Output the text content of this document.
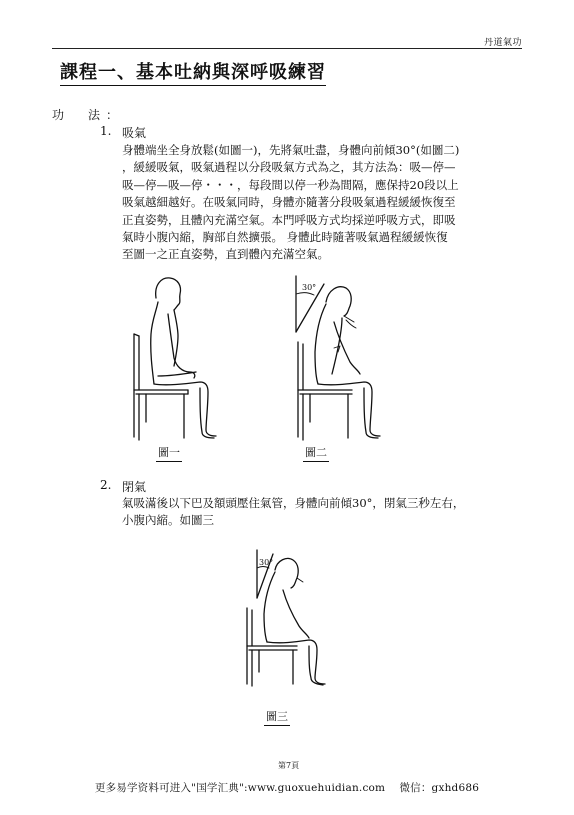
丹道氣功
課程一、基本吐納與深呼吸練習
功　法：
1. 吸氣
身體端坐全身放鬆(如圖一)，先將氣吐盡，身體向前傾30°(如圖二)
，緩緩吸氣，吸氣過程以分段吸氣方式為之，其方法為：吸—停—
吸—停—吸—停・・・，每段間以停一秒為間隔，應保持20段以上
吸氣越細越好。在吸氣同時，身體亦隨著分段吸氣過程緩緩恢復至
正直姿勢，且體內充滿空氣。本門呼吸方式均採逆呼吸方式，即吸
氣時小腹內縮，胸部自然擴張。 身體此時隨著吸氣過程緩緩恢復
至圖一之正直姿勢，直到體內充滿空氣。
30°
圖一	圖二
2. 閉氣
氣吸滿後以下巴及額頭壓住氣管，身體向前傾30°，閉氣三秒左右，
小腹內縮。如圖三
30°
圖三
第7頁
更多易学资料可进入"国学汇典":www.guoxuehuidian.com　 微信：gxhd686
